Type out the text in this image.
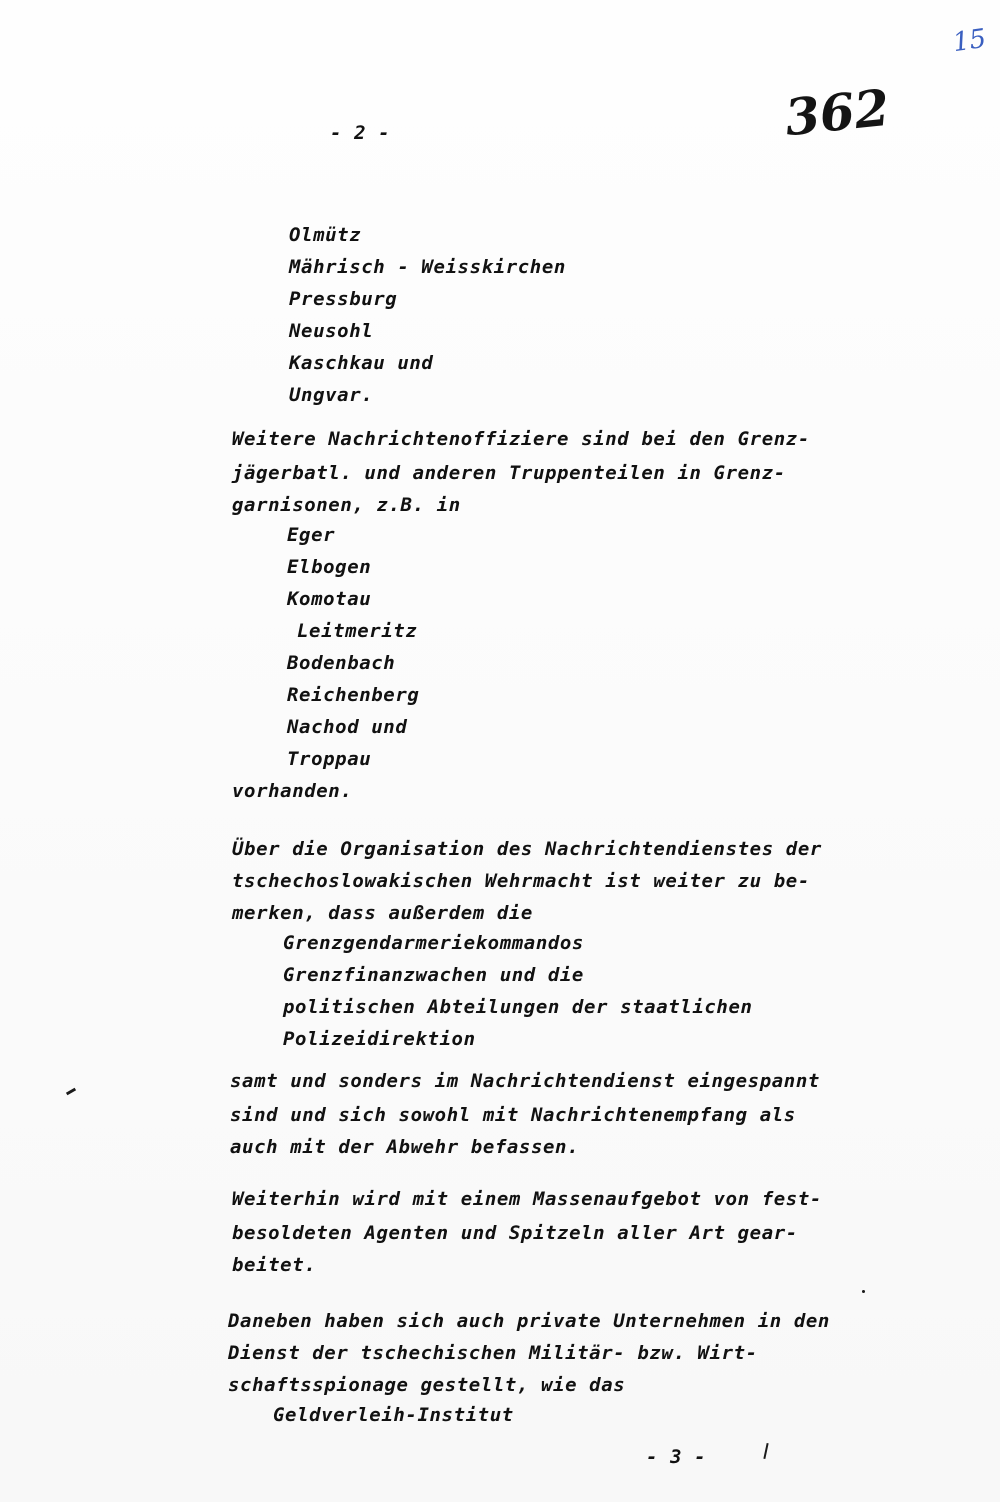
15
362
- 2 -
Olmütz
Mährisch - Weisskirchen
Pressburg
Neusohl
Kaschkau und
Ungvar.
Weitere Nachrichtenoffiziere sind bei den Grenz-
jägerbatl. und anderen Truppenteilen in Grenz-
garnisonen, z.B. in
Eger
Elbogen
Komotau
Leitmeritz
Bodenbach
Reichenberg
Nachod und
Troppau
vorhanden.
Über die Organisation des Nachrichtendienstes der
tschechoslowakischen Wehrmacht ist weiter zu be-
merken, dass außerdem die
Grenzgendarmeriekommandos
Grenzfinanzwachen und die
politischen Abteilungen der staatlichen
Polizeidirektion
samt und sonders im Nachrichtendienst eingespannt
sind und sich sowohl mit Nachrichtenempfang als
auch mit der Abwehr befassen.
Weiterhin wird mit einem Massenaufgebot von fest-
besoldeten Agenten und Spitzeln aller Art gear-
beitet.
Daneben haben sich auch private Unternehmen in den
Dienst der tschechischen Militär- bzw. Wirt-
schaftsspionage gestellt, wie das
Geldverleih-Institut
- 3 -
